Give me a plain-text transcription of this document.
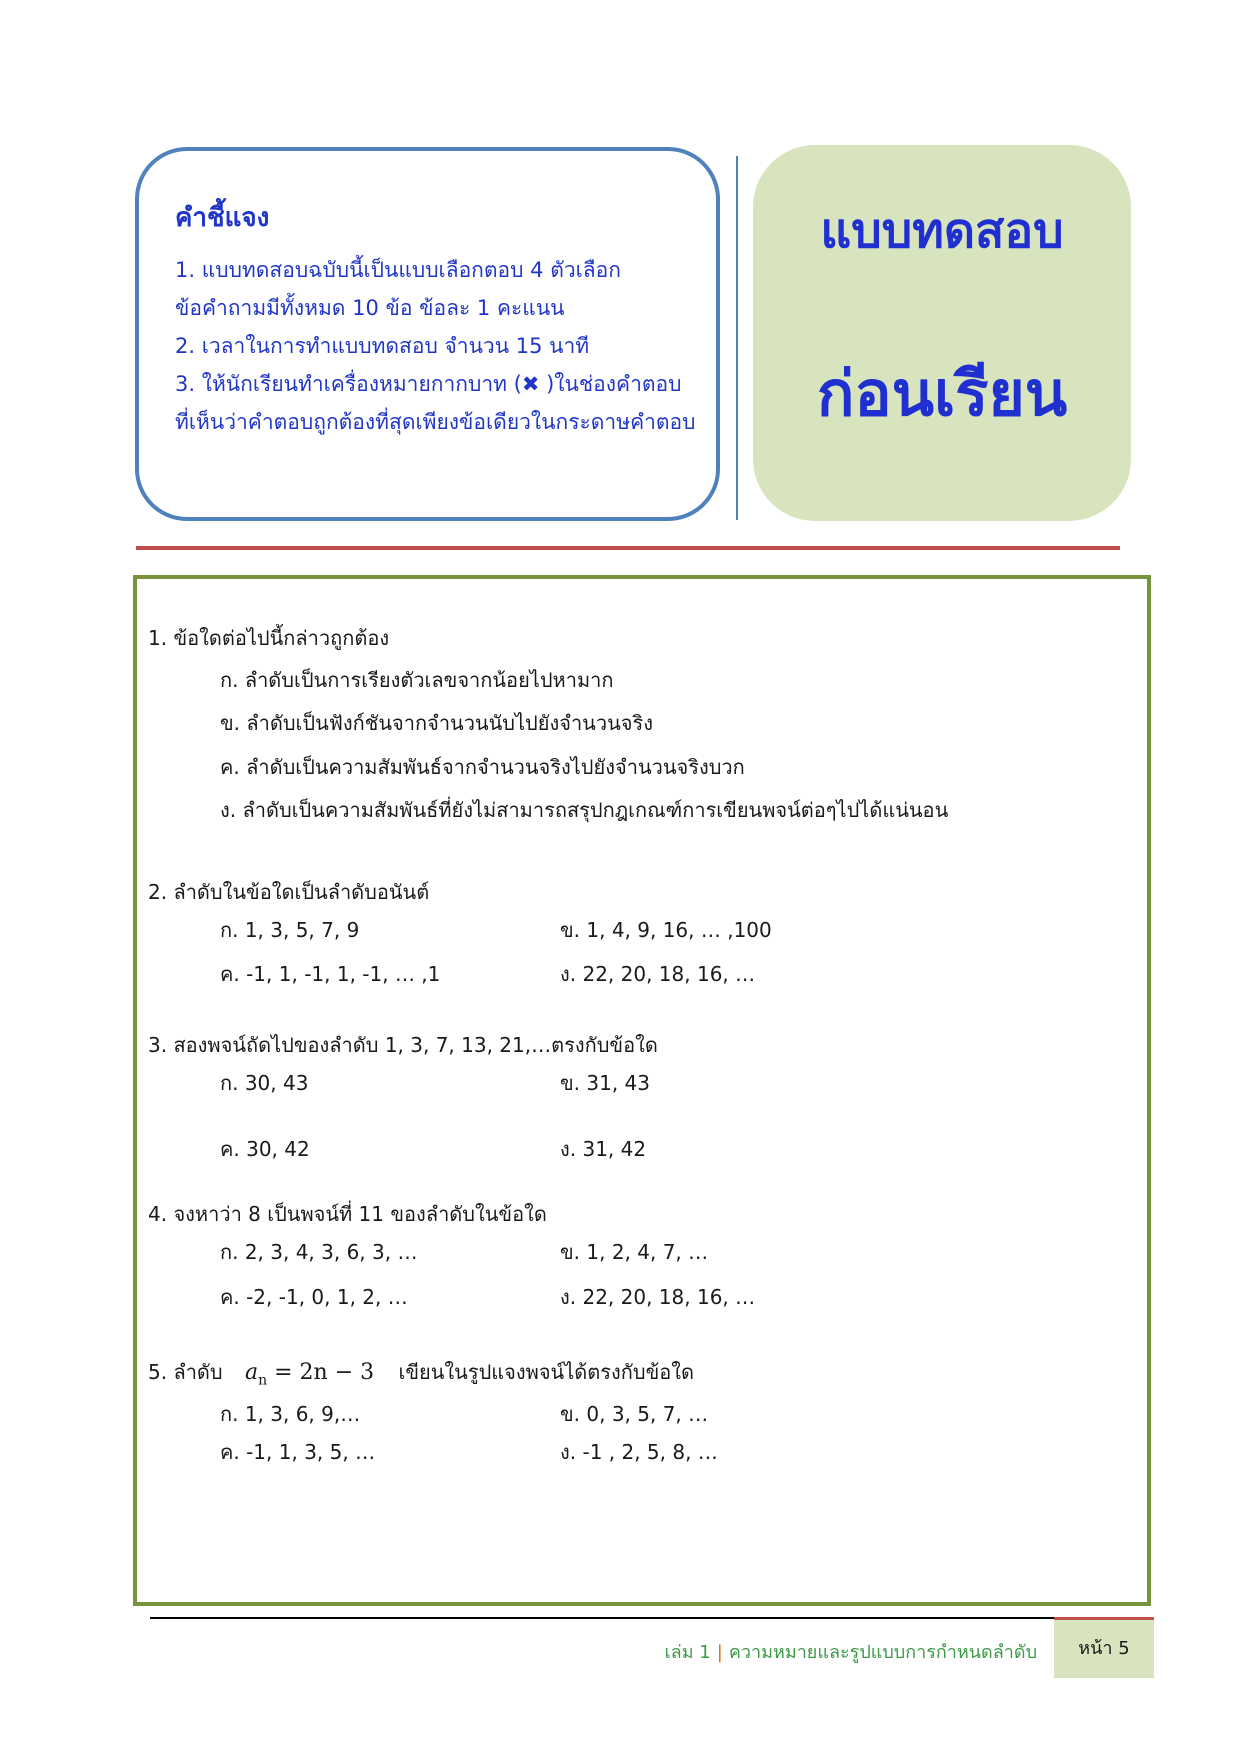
คำชี้แจง
1. แบบทดสอบฉบับนี้เป็นแบบเลือกตอบ 4 ตัวเลือก
ข้อคำถามมีทั้งหมด 10 ข้อ ข้อละ 1 คะแนน
2. เวลาในการทำแบบทดสอบ จำนวน 15 นาที
3. ให้นักเรียนทำเครื่องหมายกากบาท (✖ )ในช่องคำตอบ
ที่เห็นว่าคำตอบถูกต้องที่สุดเพียงข้อเดียวในกระดาษคำตอบ
แบบทดสอบ
ก่อนเรียน
1. ข้อใดต่อไปนี้กล่าวถูกต้อง
ก. ลำดับเป็นการเรียงตัวเลขจากน้อยไปหามาก
ข. ลำดับเป็นฟังก์ชันจากจำนวนนับไปยังจำนวนจริง
ค. ลำดับเป็นความสัมพันธ์จากจำนวนจริงไปยังจำนวนจริงบวก
ง. ลำดับเป็นความสัมพันธ์ที่ยังไม่สามารถสรุปกฎเกณฑ์การเขียนพจน์ต่อๆไปได้แน่นอน
2. ลำดับในข้อใดเป็นลำดับอนันต์
ก. 1, 3, 5, 7, 9	ข. 1, 4, 9, 16, … ,100
ค. -1, 1, -1, 1, -1, … ,1	ง. 22, 20, 18, 16, …
3. สองพจน์ถัดไปของลำดับ 1, 3, 7, 13, 21,…ตรงกับข้อใด
ก. 30, 43	ข. 31, 43
ค. 30, 42	ง. 31, 42
4. จงหาว่า 8 เป็นพจน์ที่ 11 ของลำดับในข้อใด
ก. 2, 3, 4, 3, 6, 3, …	ข. 1, 2, 4, 7, …
ค. -2, -1, 0, 1, 2, …	ง. 22, 20, 18, 16, …
5. ลำดับ $a_n = 2n - 3$ เขียนในรูปแจงพจน์ได้ตรงกับข้อใด
ก. 1, 3, 6, 9,…	ข. 0, 3, 5, 7, …
ค. -1, 1, 3, 5, …	ง. -1 , 2, 5, 8, …
เล่ม 1 | ความหมายและรูปแบบการกำหนดลำดับ	หน้า 5
